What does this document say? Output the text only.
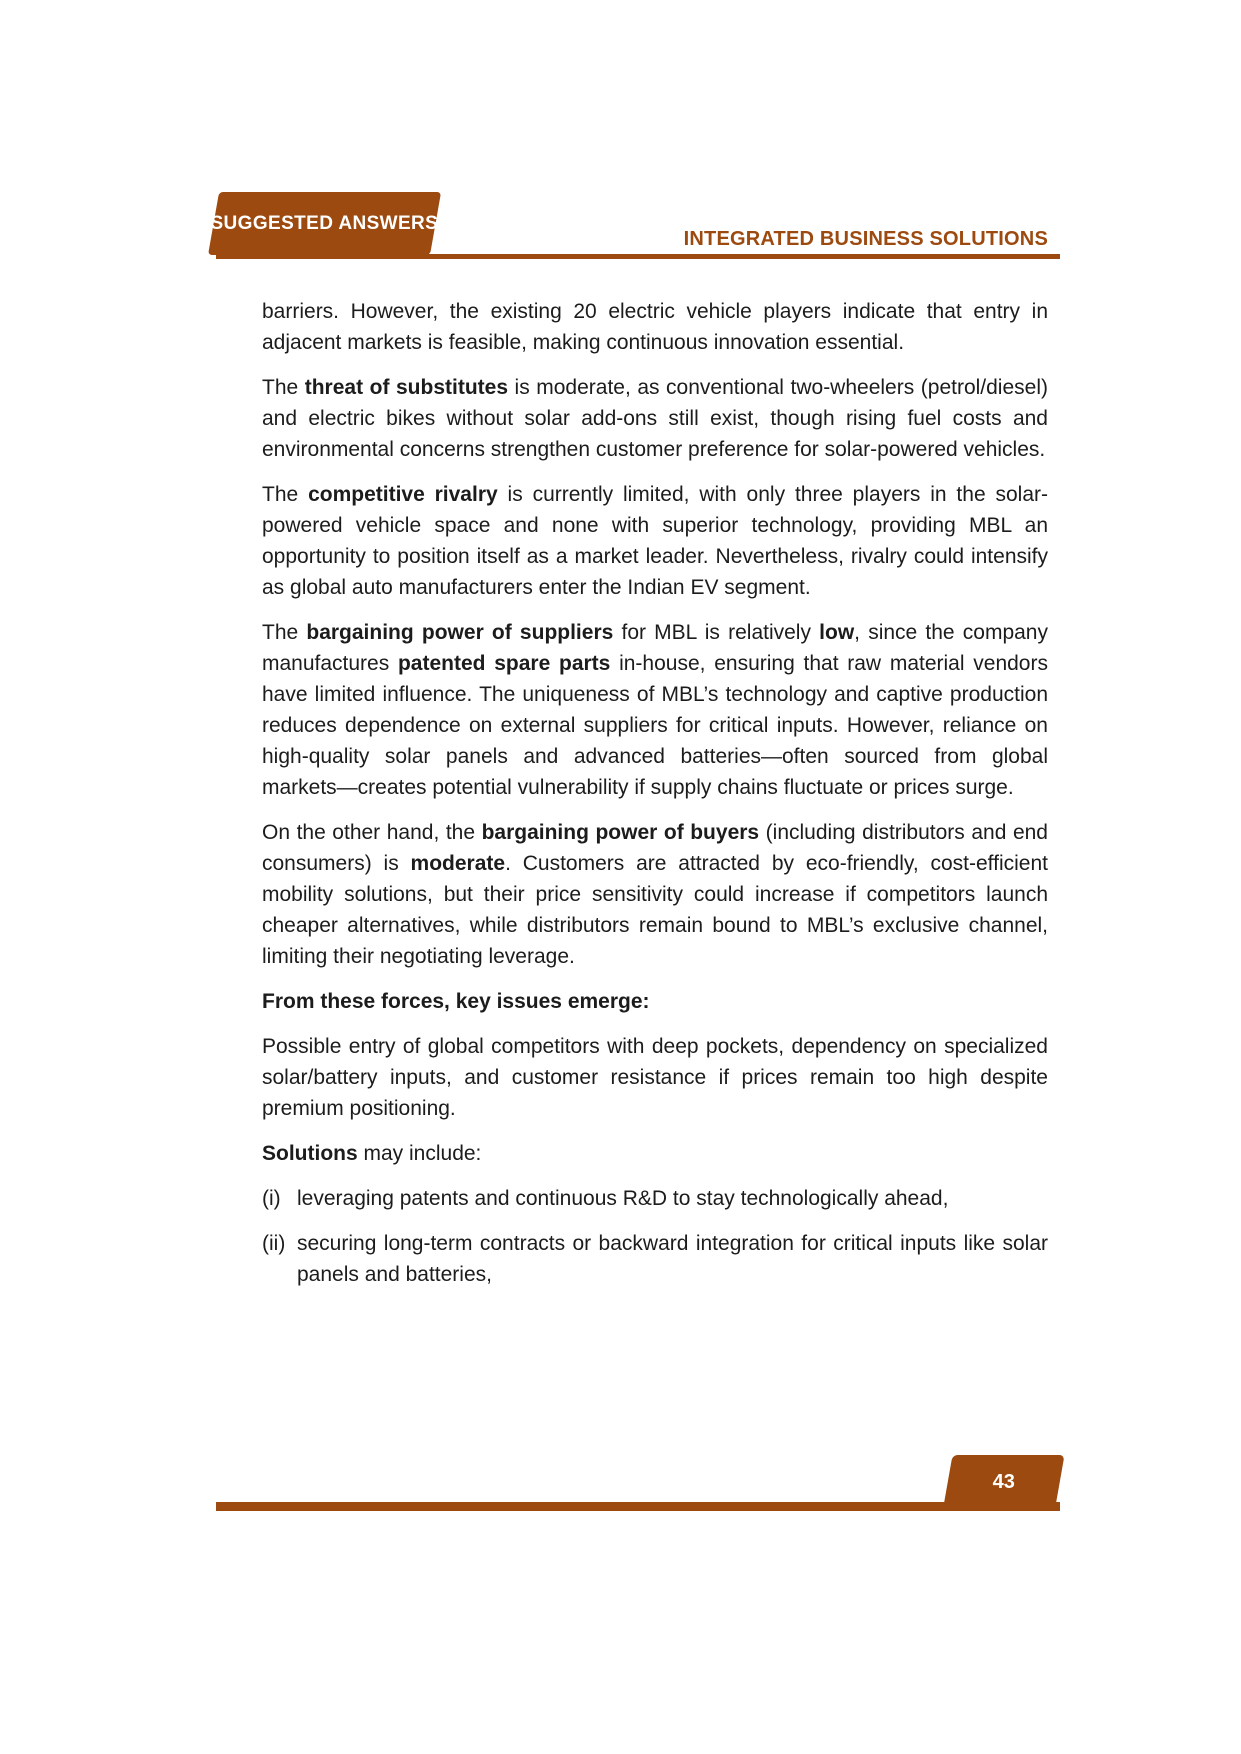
SUGGESTED ANSWERS
INTEGRATED BUSINESS SOLUTIONS

barriers. However, the existing 20 electric vehicle players indicate that entry in adjacent markets is feasible, making continuous innovation essential.

The threat of substitutes is moderate, as conventional two-wheelers (petrol/diesel) and electric bikes without solar add-ons still exist, though rising fuel costs and environmental concerns strengthen customer preference for solar-powered vehicles.

The competitive rivalry is currently limited, with only three players in the solar-powered vehicle space and none with superior technology, providing MBL an opportunity to position itself as a market leader. Nevertheless, rivalry could intensify as global auto manufacturers enter the Indian EV segment.

The bargaining power of suppliers for MBL is relatively low, since the company manufactures patented spare parts in-house, ensuring that raw material vendors have limited influence. The uniqueness of MBL’s technology and captive production reduces dependence on external suppliers for critical inputs. However, reliance on high-quality solar panels and advanced batteries—often sourced from global markets—creates potential vulnerability if supply chains fluctuate or prices surge.

On the other hand, the bargaining power of buyers (including distributors and end consumers) is moderate. Customers are attracted by eco-friendly, cost-efficient mobility solutions, but their price sensitivity could increase if competitors launch cheaper alternatives, while distributors remain bound to MBL’s exclusive channel, limiting their negotiating leverage.

From these forces, key issues emerge:

Possible entry of global competitors with deep pockets, dependency on specialized solar/battery inputs, and customer resistance if prices remain too high despite premium positioning.

Solutions may include:

(i) leveraging patents and continuous R&D to stay technologically ahead,
(ii) securing long-term contracts or backward integration for critical inputs like solar panels and batteries,
43
